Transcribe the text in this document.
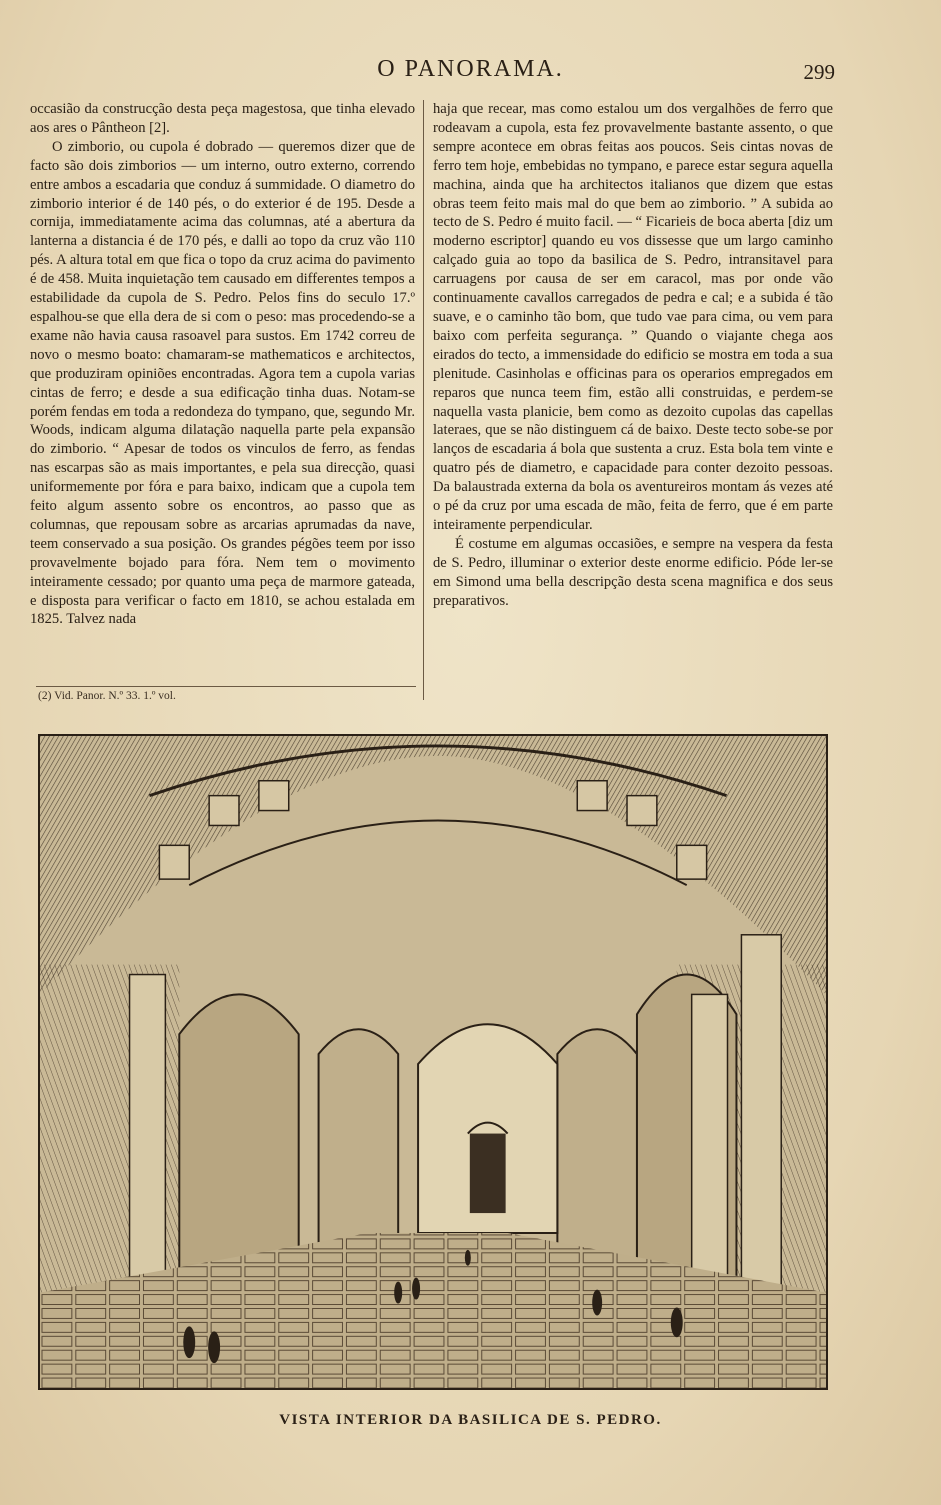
O PANORAMA.	299

occasião da construcção desta peça magestosa, que tinha elevado aos ares o Pântheon [2].

O zimborio, ou cupola é dobrado — queremos dizer que de facto são dois zimborios — um interno, outro externo, correndo entre ambos a escadaria que conduz á summidade. O diametro do zimborio interior é de 140 pés, o do exterior é de 195. Desde a cornija, immediatamente acima das columnas, até a abertura da lanterna a distancia é de 170 pés, e dalli ao topo da cruz vão 110 pés. A altura total em que fica o topo da cruz acima do pavimento é de 458. Muita inquietação tem causado em differentes tempos a estabilidade da cupola de S. Pedro. Pelos fins do seculo 17.º espalhou-se que ella dera de si com o peso: mas procedendo-se a exame não havia causa rasoavel para sustos. Em 1742 correu de novo o mesmo boato: chamaram-se mathematicos e architectos, que produziram opiniões encontradas. Agora tem a cupola varias cintas de ferro; e desde a sua edificação tinha duas. Notam-se porém fendas em toda a redondeza do tympano, que, segundo Mr. Woods, indicam alguma dilatação naquella parte pela expansão do zimborio. “ Apesar de todos os vinculos de ferro, as fendas nas escarpas são as mais importantes, e pela sua direcção, quasi uniformemente por fóra e para baixo, indicam que a cupola tem feito algum assento sobre os encontros, ao passo que as columnas, que repousam sobre as arcarias aprumadas da nave, teem conservado a sua posição. Os grandes pégões teem por isso provavelmente bojado para fóra. Nem tem o movimento inteiramente cessado; por quanto uma peça de marmore gateada, e disposta para verificar o facto em 1810, se achou estalada em 1825. Talvez nada

haja que recear, mas como estalou um dos vergalhões de ferro que rodeavam a cupola, esta fez provavelmente bastante assento, o que sempre acontece em obras feitas aos poucos. Seis cintas novas de ferro tem hoje, embebidas no tympano, e parece estar segura aquella machina, ainda que ha architectos italianos que dizem que estas obras teem feito mais mal do que bem ao zimborio. ” A subida ao tecto de S. Pedro é muito facil. — “ Ficarieis de boca aberta [diz um moderno escriptor] quando eu vos dissesse que um largo caminho calçado guia ao topo da basilica de S. Pedro, intransitavel para carruagens por causa de ser em caracol, mas por onde vão continuamente cavallos carregados de pedra e cal; e a subida é tão suave, e o caminho tão bom, que tudo vae para cima, ou vem para baixo com perfeita segurança. ” Quando o viajante chega aos eirados do tecto, a immensidade do edificio se mostra em toda a sua plenitude. Casinholas e officinas para os operarios empregados em reparos que nunca teem fim, estão alli construidas, e perdem-se naquella vasta planicie, bem como as dezoito cupolas das capellas lateraes, que se não distinguem cá de baixo. Deste tecto sobe-se por lanços de escadaria á bola que sustenta a cruz. Esta bola tem vinte e quatro pés de diametro, e capacidade para conter dezoito pessoas. Da balaustrada externa da bola os aventureiros montam ás vezes até o pé da cruz por uma escada de mão, feita de ferro, que é em parte inteiramente perpendicular.

É costume em algumas occasiões, e sempre na vespera da festa de S. Pedro, illuminar o exterior deste enorme edificio. Póde ler-se em Simond uma bella descripção desta scena magnifica e dos seus preparativos.

(2) Vid. Panor. N.º 33. 1.º vol.
VISTA INTERIOR DA BASILICA DE S. PEDRO.
